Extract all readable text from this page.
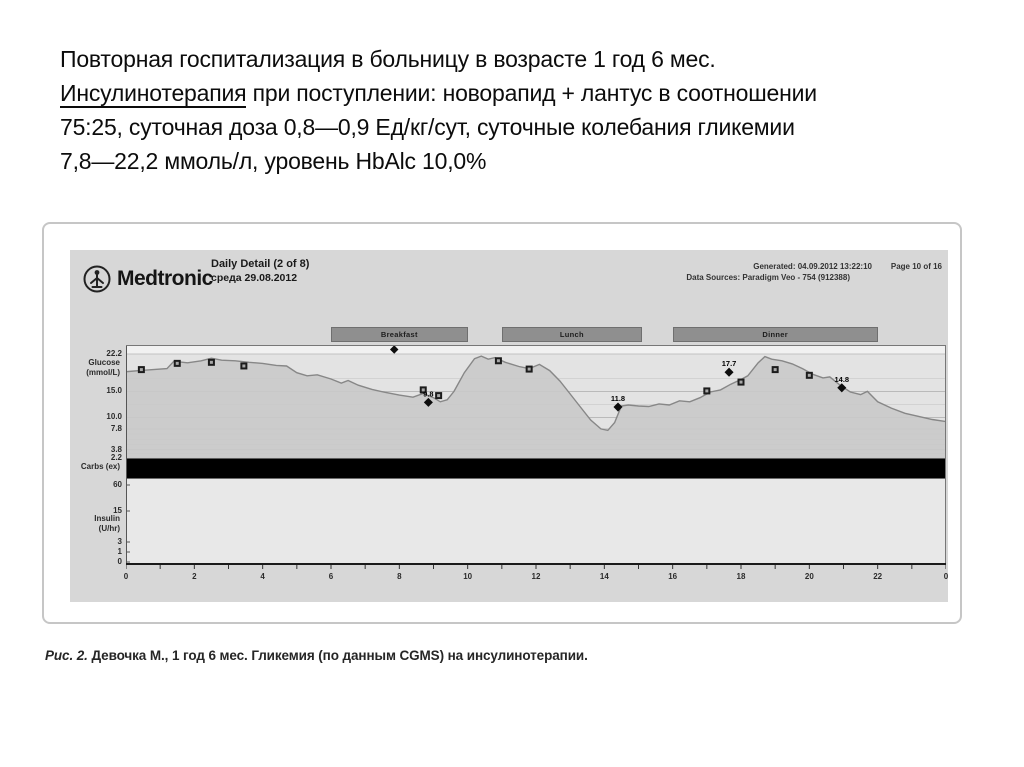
Повторная госпитализация в больницу в возрасте 1 год 6 мес.
Инсулинотерапия при поступлении: новорапид + лантус в соотношении
75:25, суточная доза 0,8—0,9 Ед/кг/сут, суточные колебания гликемии
7,8—22,2 ммоль/л, уровень HbAlc 10,0%
Medtronic
Daily Detail (2 of 8)
среда 29.08.2012
Generated: 04.09.2012 13:22:10 Page 10 of 16
Data Sources: Paradigm Veo - 754 (912388)
Breakfast	Lunch	Dinner
Glucose
(mmol/L)
Carbs (ex)
Insulin
(U/hr)
22.2
15.0
10.0
7.8
3.8
2.2
60
15
3
1
0
9.8
11.8
17.7
14.8
0	2	4	6	8	10	12	14	16	18	20	22	0
Рис. 2. Девочка М., 1 год 6 мес. Гликемия (по данным CGMS) на инсулинотерапии.
